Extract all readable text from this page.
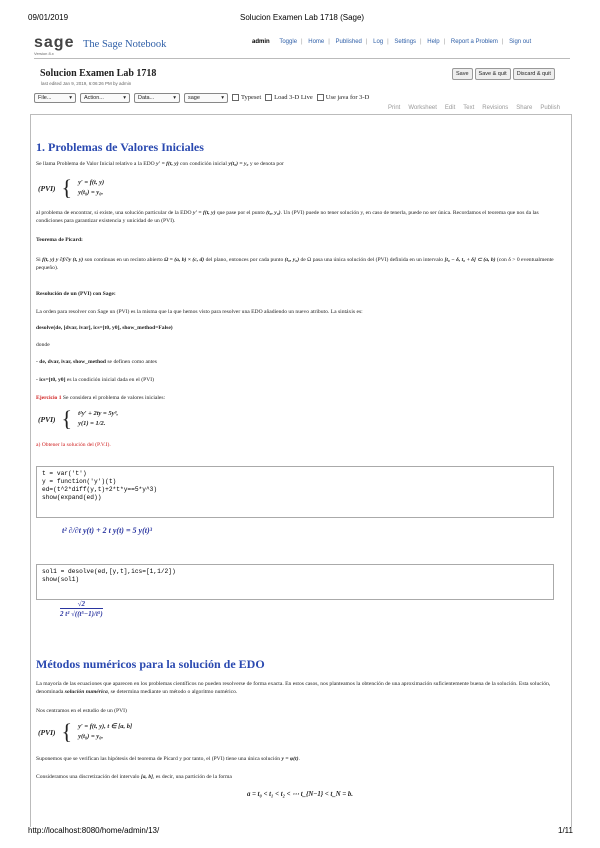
09/01/2019	Solucion Examen Lab 1718 (Sage)
sage
Version 8.x
The Sage Notebook	admin Toggle | Home | Published | Log | Settings | Help | Report a Problem | Sign out
Solucion Examen Lab 1718
last edited Jan 9, 2019, 6:06:26 PM by admin
Save	Save & quit	Discard & quit
File...	▾ Action...	▾ Data...	▾ sage	▾	Typeset	Load 3-D Live	Use java for 3-D
Print Worksheet Edit Text Revisions Share Publish
1. Problemas de Valores Iniciales
Se llama Problema de Valor Inicial relativo a la EDO y′ = f(t, y) con condición inicial y(t₀) = y₀ y se denota por
(PVI) { y′ = f(t, y)
y(t₀) = y₀,
al problema de encontrar, si existe, una solución particular de la EDO y′ = f(t, y) que pase por el punto (t₀, y₀). Un (PVI) puede no tener solución y, en caso de tenerla, puede no ser única. Recordamos el teorema que nos da las condiciones para garantizar existencia y unicidad de un (PVI).
Teorema de Picard:
Si f(t, y) y ∂f/∂y (t, y) son continuas en un recinto abierto Ω = (a, b) × (c, d) del plano, entonces por cada punto (t₀, y₀) de Ω pasa una única solución del (PVI) definida en un intervalo [t₀ − δ, t₀ + δ] ⊂ (a, b) (con δ > 0 eventualmente pequeño).
Resolución de un (PVI) con Sage:
La orden para resolver con Sage un (PVI) es la misma que la que hemos visto para resolver una EDO añadiendo un nuevo atributo. La sintáxis es:
desolve(de, [dvar, ivar], ics=[t0, y0], show_method=False)
donde
- de, dvar, ivar, show_method se definen como antes
- ics=[t0, y0] es la condición inicial dada en el (PVI)
Ejercicio 1 Se considera el problema de valores iniciales:
(PVI) { t²y′ + 2ty = 5y³,
y(1) = 1/2.
a) Obtener la solución del (P.V.I).
t = var('t')
y = function('y')(t)
ed=(t^2*diff(y,t)+2*t*y==5*y^3)
show(expand(ed))
t² ∂/∂t y(t) + 2 t y(t) = 5 y(t)³
sol1 = desolve(ed,[y,t],ics=[1,1/2])
show(sol1)
√2
2 t² √((t⁵−1)/t⁵)
Métodos numéricos para la solución de EDO
La mayoría de las ecuaciones que aparecen en los problemas científicos no pueden resolverse de forma exacta. En estos casos, nos planteamos la obtención de una aproximación suficientemente buena de la solución. Esta solución, denominada solución numérica, se determina mediante un método o algoritmo numérico.
Nos centramos en el estudio de un (PVI)
(PVI) { y′ = f(t, y), t ∈ [a, b]
y(t₀) = y₀,
Suponemos que se verifican las hipótesis del teorema de Picard y por tanto, el (PVI) tiene una única solución y = φ(t).
Consideramos una discretización del intervalo [a, b], es decir, una partición de la forma
a = t₀ < t₁ < t₂ < ⋯ t_{N−1} < t_N = b.
http://localhost:8080/home/admin/13/	1/11
